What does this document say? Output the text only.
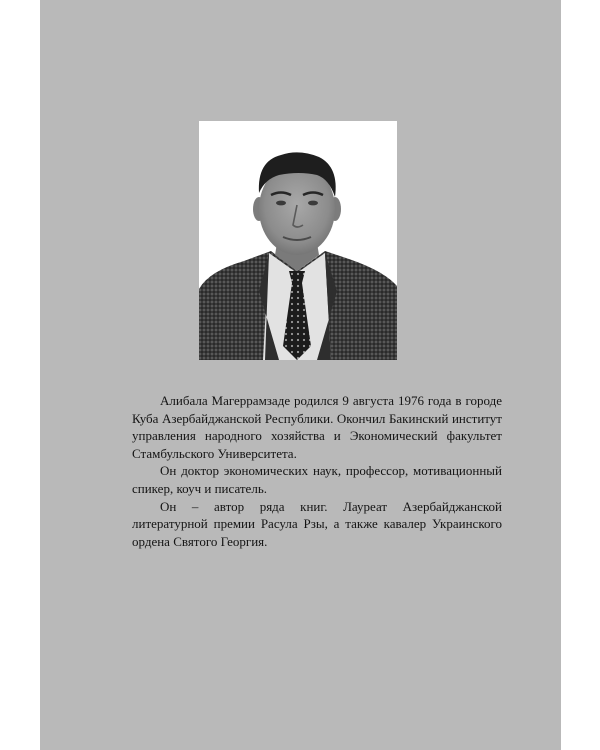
Алибала Магеррамзаде родился 9 августа 1976 года в городе Куба Азербайджанской Республики. Окончил Бакинский институт управления народного хозяйства и Экономический факультет Стамбульского Университета.

Он доктор экономических наук, профессор, мотивационный спикер, коуч и писатель.

Он – автор ряда книг. Лауреат Азербайджанской литературной премии Расула Рзы, а также кавалер Украинского ордена Святого Георгия.
